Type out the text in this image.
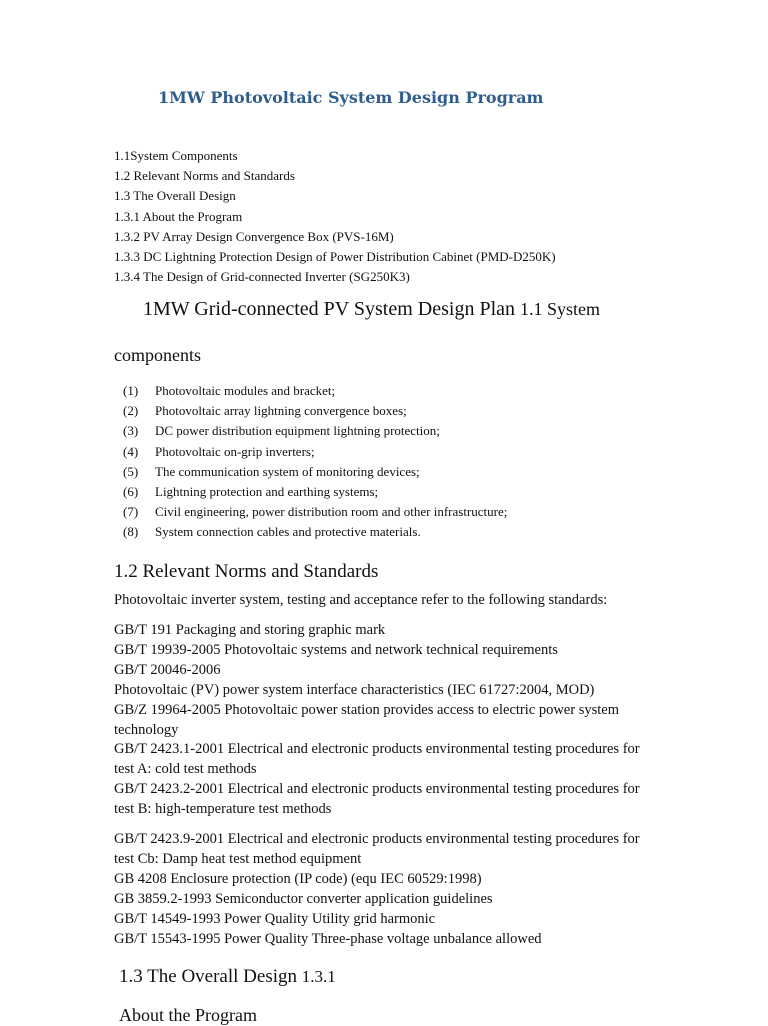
1MW Photovoltaic System Design Program
1.1System Components
1.2 Relevant Norms and Standards
1.3 The Overall Design
1.3.1 About the Program
1.3.2 PV Array Design Convergence Box (PVS-16M)
1.3.3 DC Lightning Protection Design of Power Distribution Cabinet (PMD-D250K)
1.3.4 The Design of Grid-connected Inverter (SG250K3)
1MW Grid-connected PV System Design Plan 1.1 System
components
(1)	Photovoltaic modules and bracket;
(2)	Photovoltaic array lightning convergence boxes;
(3)	DC power distribution equipment lightning protection;
(4)	Photovoltaic on-grip inverters;
(5)	The communication system of monitoring devices;
(6)	Lightning protection and earthing systems;
(7)	Civil engineering, power distribution room and other infrastructure;
(8)	System connection cables and protective materials.
1.2 Relevant Norms and Standards
Photovoltaic inverter system, testing and acceptance refer to the following standards:
GB/T 191 Packaging and storing graphic mark
GB/T 19939-2005 Photovoltaic systems and network technical requirements
GB/T 20046-2006
Photovoltaic (PV) power system interface characteristics (IEC 61727:2004, MOD)
GB/Z 19964-2005 Photovoltaic power station provides access to electric power system technology
GB/T 2423.1-2001 Electrical and electronic products environmental testing procedures for test A: cold test methods
GB/T 2423.2-2001 Electrical and electronic products environmental testing procedures for test B: high-temperature test methods
GB/T 2423.9-2001 Electrical and electronic products environmental testing procedures for test Cb: Damp heat test method equipment
GB 4208 Enclosure protection (IP code) (equ IEC 60529:1998)
GB 3859.2-1993 Semiconductor converter application guidelines
GB/T 14549-1993 Power Quality Utility grid harmonic
GB/T 15543-1995 Power Quality Three-phase voltage unbalance allowed
1.3 The Overall Design 1.3.1
About the Program
